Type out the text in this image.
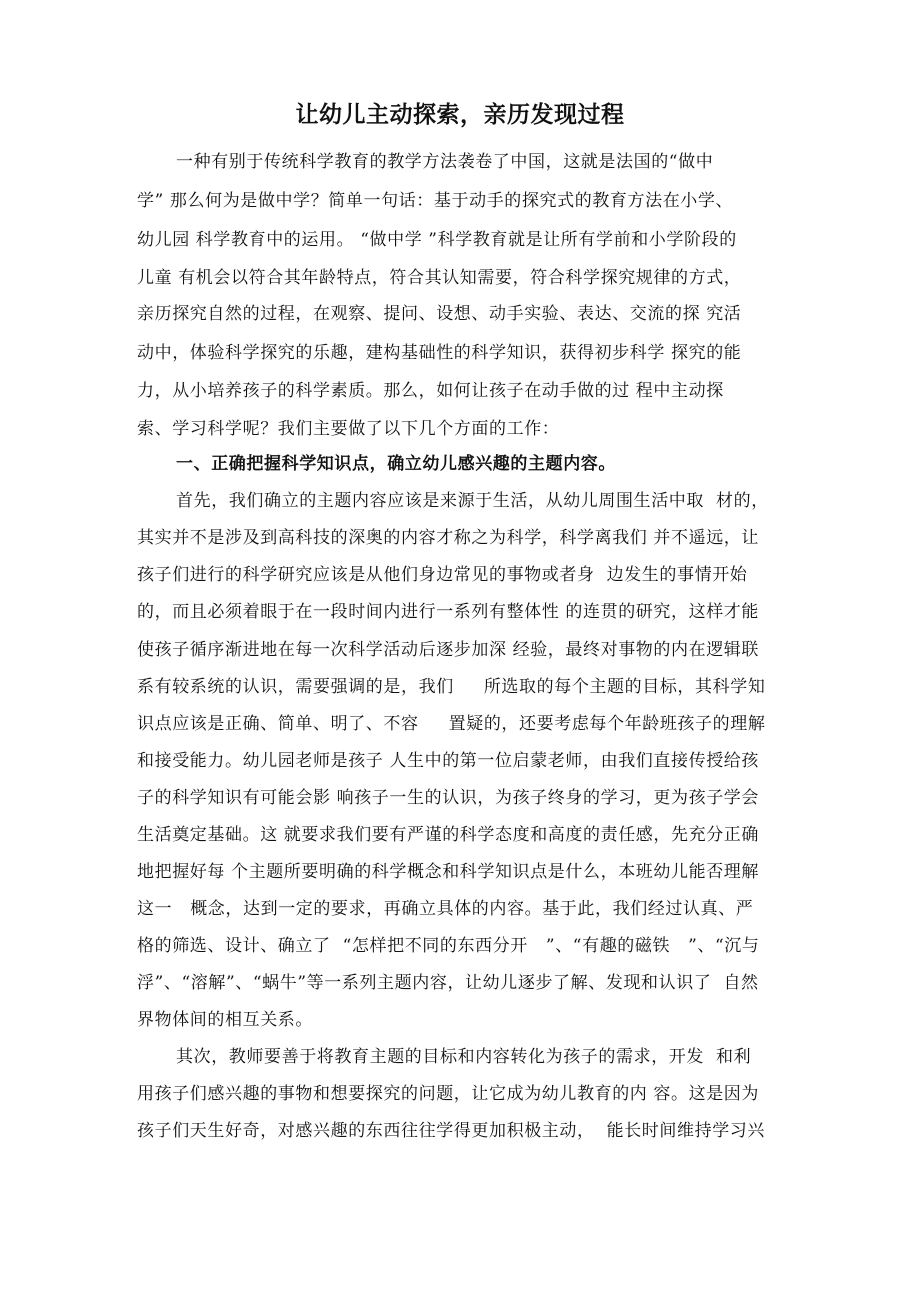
让幼儿主动探索，亲历发现过程

一种有别于传统科学教育的教学方法袭卷了中国，这就是法国的“做中

学” 那么何为是做中学？简单一句话：基于动手的探究式的教育方法在小学、

幼儿园 科学教育中的运用。 “做中学 ”科学教育就是让所有学前和小学阶段的

儿童 有机会以符合其年龄特点，符合其认知需要，符合科学探究规律的方式，

亲历探究自然的过程，在观察、提问、设想、动手实验、表达、交流的探 究活

动中，体验科学探究的乐趣，建构基础性的科学知识，获得初步科学 探究的能

力，从小培养孩子的科学素质。那么，如何让孩子在动手做的过 程中主动探

索、学习科学呢？我们主要做了以下几个方面的工作：

一、正确把握科学知识点，确立幼儿感兴趣的主题内容。

首先，我们确立的主题内容应该是来源于生活，从幼儿周围生活中取  材的，

其实并不是涉及到高科技的深奥的内容才称之为科学，科学离我们 并不遥远，让

孩子们进行的科学研究应该是从他们身边常见的事物或者身  边发生的事情开始

的，而且必须着眼于在一段时间内进行一系列有整体性 的连贯的研究，这样才能

使孩子循序渐进地在每一次科学活动后逐步加深 经验，最终对事物的内在逻辑联

系有较系统的认识，需要强调的是，我们     所选取的每个主题的目标，其科学知

识点应该是正确、简单、明了、不容     置疑的，还要考虑每个年龄班孩子的理解

和接受能力。幼儿园老师是孩子 人生中的第一位启蒙老师，由我们直接传授给孩

子的科学知识有可能会影 响孩子一生的认识，为孩子终身的学习，更为孩子学会

生活奠定基础。这 就要求我们要有严谨的科学态度和高度的责任感，先充分正确

地把握好每 个主题所要明确的科学概念和科学知识点是什么，本班幼儿能否理解

这一   概念，达到一定的要求，再确立具体的内容。基于此，我们经过认真、严

格的筛选、设计、确立了  “怎样把不同的东西分开   ”、“有趣的磁铁   ”、“沉与

浮”、“溶解”、“蜗牛”等一系列主题内容，让幼儿逐步了解、发现和认识了  自然

界物体间的相互关系。

其次，教师要善于将教育主题的目标和内容转化为孩子的需求，开发  和利

用孩子们感兴趣的事物和想要探究的问题，让它成为幼儿教育的内 容。这是因为

孩子们天生好奇，对感兴趣的东西往往学得更加积极主动，  能长时间维持学习兴
